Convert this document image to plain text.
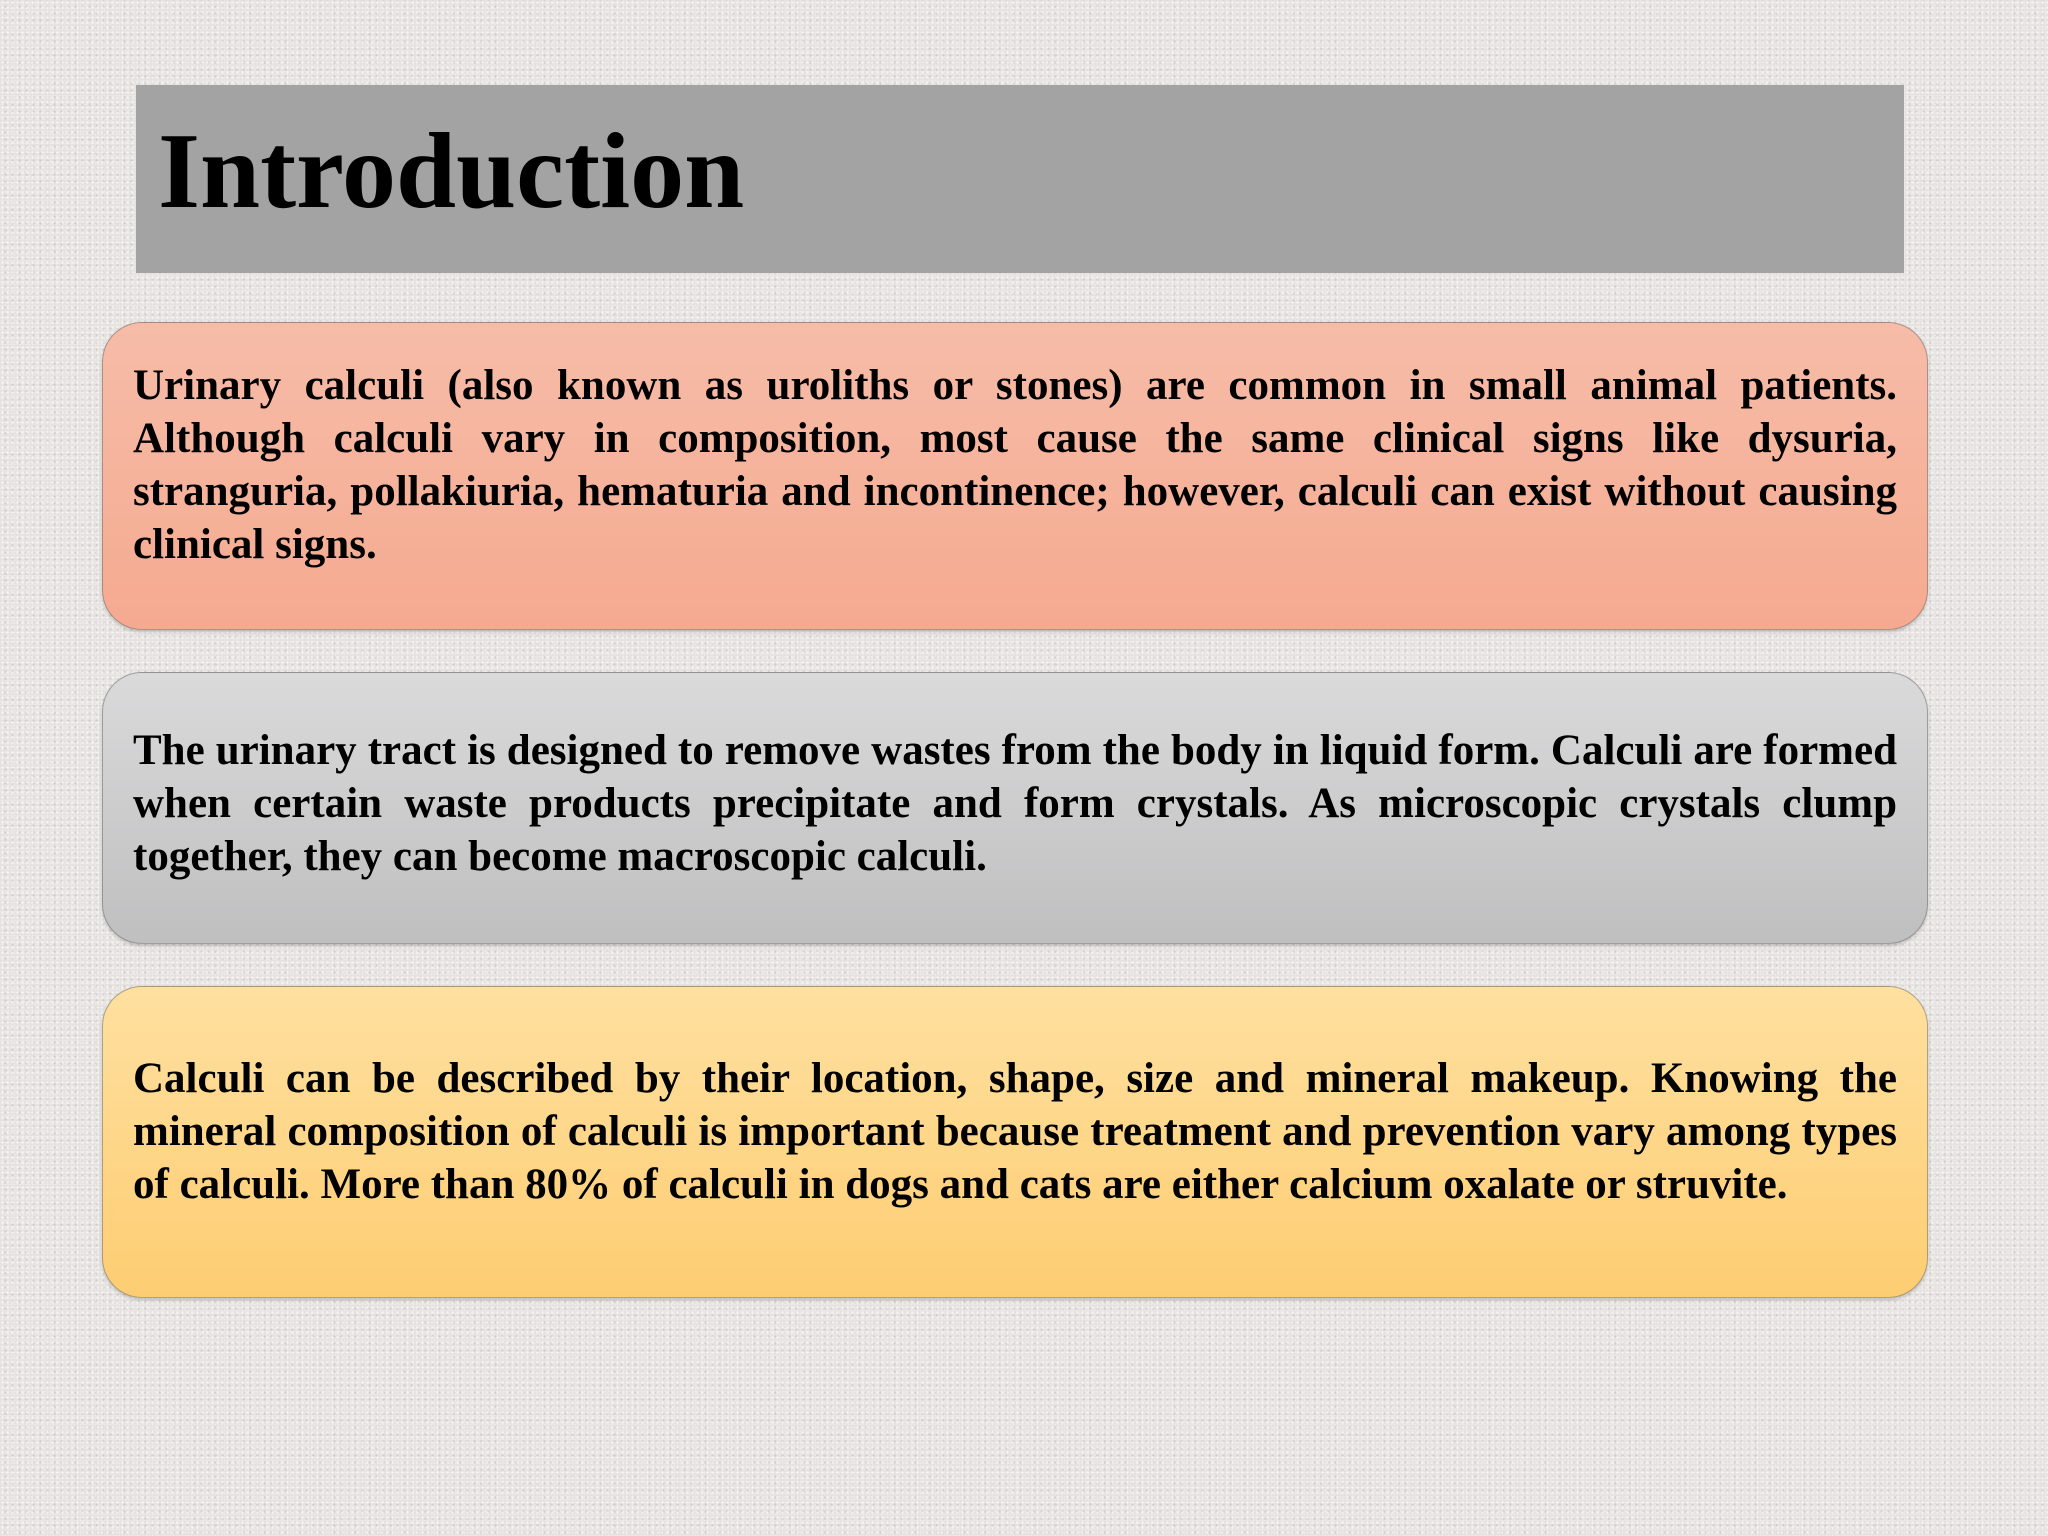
Introduction

Urinary calculi (also known as uroliths or stones) are common in small animal patients. Although calculi vary in composition, most cause the same clinical signs like dysuria, stranguria, pollakiuria, hematuria and incontinence; however, calculi can exist without causing clinical signs.

The urinary tract is designed to remove wastes from the body in liquid form. Calculi are formed when certain waste products precipitate and form crystals. As microscopic crystals clump together, they can become macroscopic calculi.

Calculi can be described by their location, shape, size and mineral makeup. Knowing the mineral composition of calculi is important because treatment and prevention vary among types of calculi. More than 80% of calculi in dogs and cats are either calcium oxalate or struvite.
